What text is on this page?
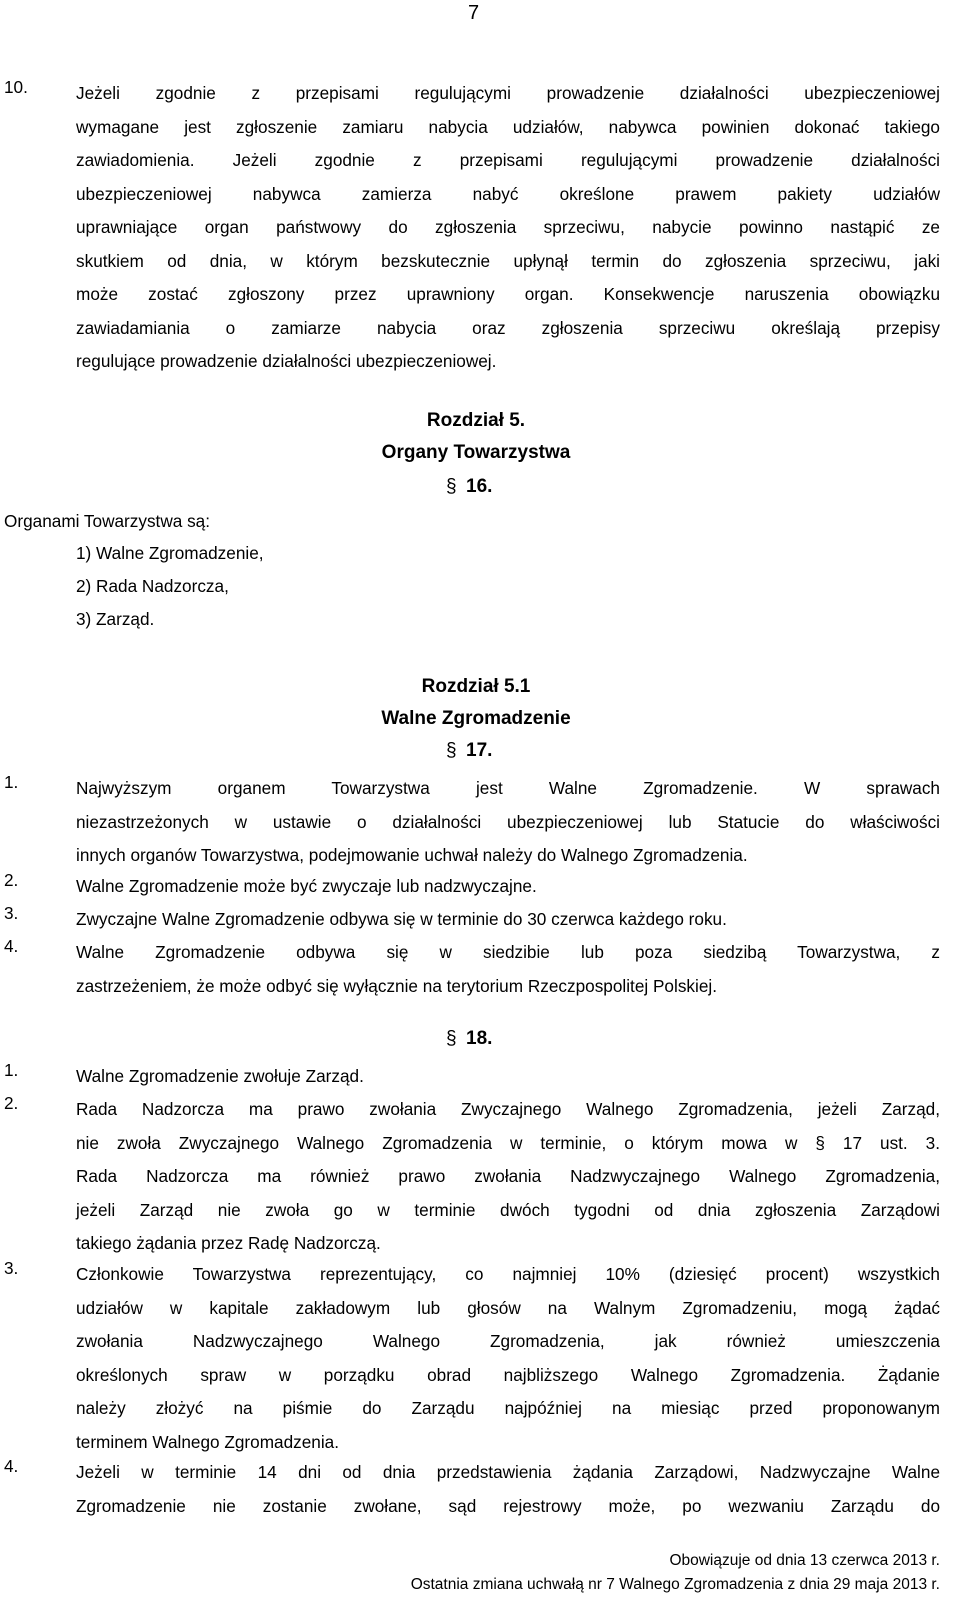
7
10.	Jeżeli zgodnie z przepisami regulującymi prowadzenie działalności ubezpieczeniowej
wymagane jest zgłoszenie zamiaru nabycia udziałów, nabywca powinien dokonać takiego
zawiadomienia. Jeżeli zgodnie z przepisami regulującymi prowadzenie działalności
ubezpieczeniowej nabywca zamierza nabyć określone prawem pakiety udziałów
uprawniające organ państwowy do zgłoszenia sprzeciwu, nabycie powinno nastąpić ze
skutkiem od dnia, w którym bezskutecznie upłynął termin do zgłoszenia sprzeciwu, jaki
może zostać zgłoszony przez uprawniony organ. Konsekwencje naruszenia obowiązku
zawiadamiania o zamiarze nabycia oraz zgłoszenia sprzeciwu określają przepisy
regulujące prowadzenie działalności ubezpieczeniowej.
Rozdział 5.
Organy Towarzystwa
§ 16.
Organami Towarzystwa są:
1) Walne Zgromadzenie,
2) Rada Nadzorcza,
3) Zarząd.
Rozdział 5.1
Walne Zgromadzenie
§ 17.
1.	Najwyższym organem Towarzystwa jest Walne Zgromadzenie. W sprawach
niezastrzeżonych w ustawie o działalności ubezpieczeniowej lub Statucie do właściwości
innych organów Towarzystwa, podejmowanie uchwał należy do Walnego Zgromadzenia.
2.	Walne Zgromadzenie może być zwyczaje lub nadzwyczajne.
3.	Zwyczajne Walne Zgromadzenie odbywa się w terminie do 30 czerwca każdego roku.
4.	Walne Zgromadzenie odbywa się w siedzibie lub poza siedzibą Towarzystwa, z
zastrzeżeniem, że może odbyć się wyłącznie na terytorium Rzeczpospolitej Polskiej.
§ 18.
1.	Walne Zgromadzenie zwołuje Zarząd.
2.	Rada Nadzorcza ma prawo zwołania Zwyczajnego Walnego Zgromadzenia, jeżeli Zarząd,
nie zwoła Zwyczajnego Walnego Zgromadzenia w terminie, o którym mowa w § 17 ust. 3.
Rada Nadzorcza ma również prawo zwołania Nadzwyczajnego Walnego Zgromadzenia,
jeżeli Zarząd nie zwoła go w terminie dwóch tygodni od dnia zgłoszenia Zarządowi
takiego żądania przez Radę Nadzorczą.
3.	Członkowie Towarzystwa reprezentujący, co najmniej 10% (dziesięć procent) wszystkich
udziałów w kapitale zakładowym lub głosów na Walnym Zgromadzeniu, mogą żądać
zwołania Nadzwyczajnego Walnego Zgromadzenia, jak również umieszczenia
określonych spraw w porządku obrad najbliższego Walnego Zgromadzenia. Żądanie
należy złożyć na piśmie do Zarządu najpóźniej na miesiąc przed proponowanym
terminem Walnego Zgromadzenia.
4.	Jeżeli w terminie 14 dni od dnia przedstawienia żądania Zarządowi, Nadzwyczajne Walne
Zgromadzenie nie zostanie zwołane, sąd rejestrowy może, po wezwaniu Zarządu do
Obowiązuje od dnia 13 czerwca 2013 r.
Ostatnia zmiana uchwałą nr 7 Walnego Zgromadzenia z dnia 29 maja 2013 r.
